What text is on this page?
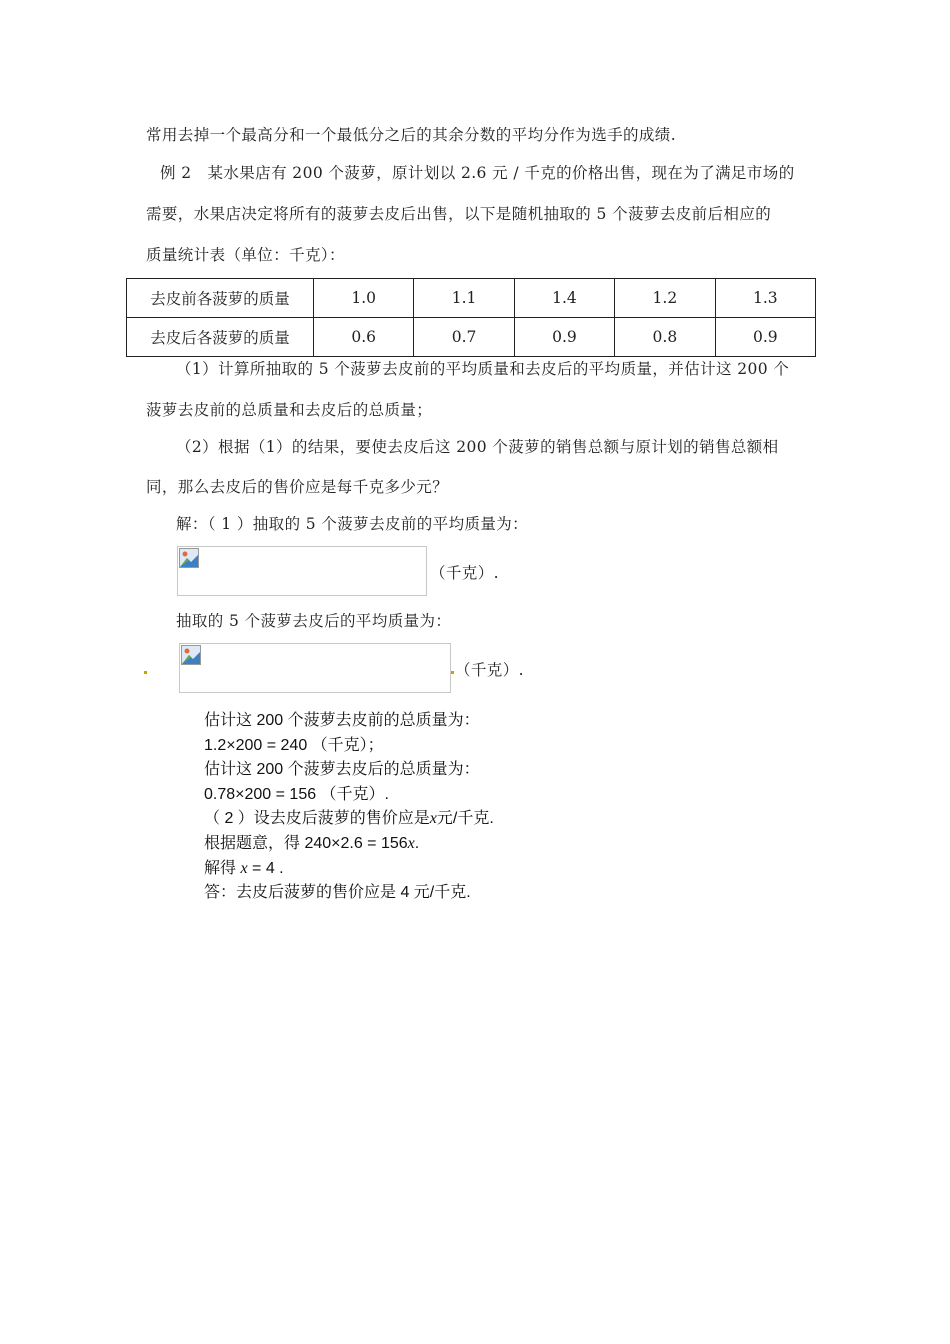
常用去掉一个最高分和一个最低分之后的其余分数的平均分作为选手的成绩.
例 2 某水果店有 200 个菠萝，原计划以 2.6 元 / 千克的价格出售，现在为了满足市场的
需要，水果店决定将所有的菠萝去皮后出售，以下是随机抽取的 5 个菠萝去皮前后相应的
质量统计表（单位：千克）：
去皮前各菠萝的质量	1.0	1.1	1.4	1.2	1.3
去皮后各菠萝的质量	0.6	0.7	0.9	0.8	0.9
（1）计算所抽取的 5 个菠萝去皮前的平均质量和去皮后的平均质量，并估计这 200 个
菠萝去皮前的总质量和去皮后的总质量；
（2）根据（1）的结果，要使去皮后这 200 个菠萝的销售总额与原计划的销售总额相
同，那么去皮后的售价应是每千克多少元？
解：（ 1 ）抽取的 5 个菠萝去皮前的平均质量为：
（千克）.
抽取的 5 个菠萝去皮后的平均质量为：
（千克）.
估计这 200 个菠萝去皮前的总质量为：
1.2×200 = 240 （千克）；
估计这 200 个菠萝去皮后的总质量为：
0.78×200 = 156 （千克）.
（ 2 ）设去皮后菠萝的售价应是x元/千克.
根据题意，得 240×2.6 = 156x.
解得 x = 4 .
答：去皮后菠萝的售价应是 4 元/千克.
